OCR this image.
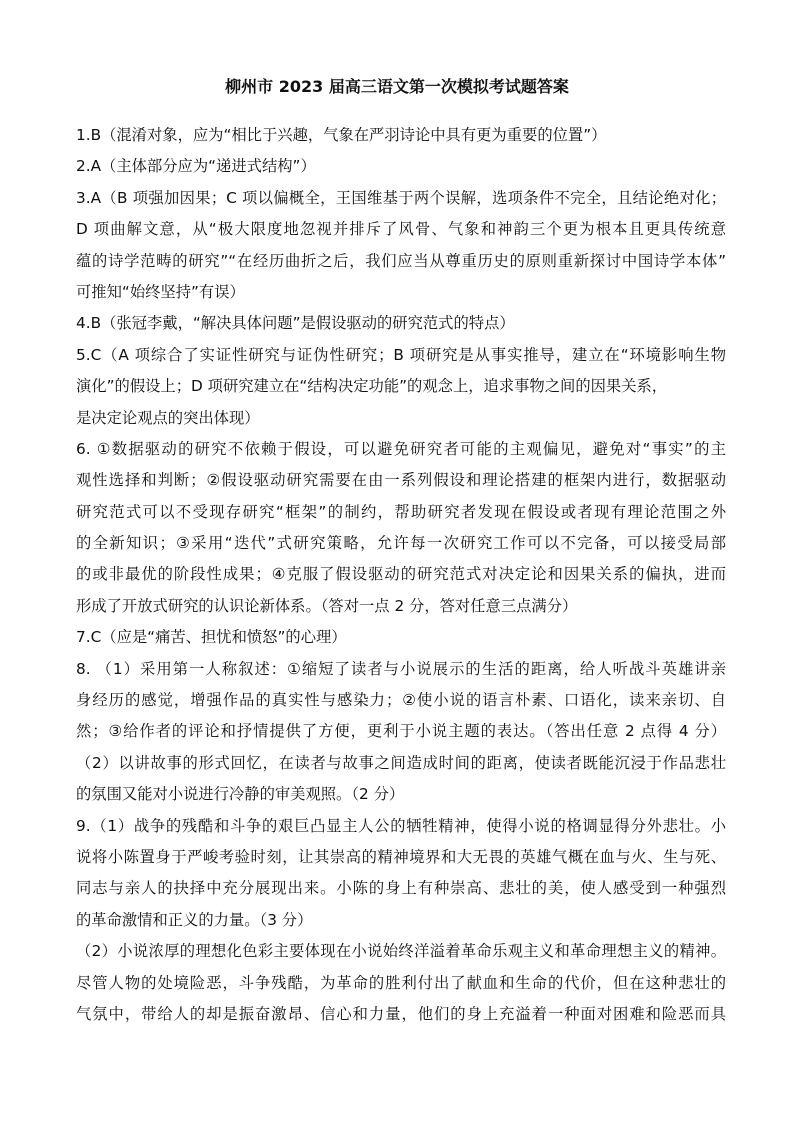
柳州市 2023 届高三语文第一次模拟考试题答案
1.B（混淆对象，应为“相比于兴趣，气象在严羽诗论中具有更为重要的位置”）
2.A（主体部分应为“递进式结构”）
3.A（B 项强加因果；C 项以偏概全，王国维基于两个误解，选项条件不完全，且结论绝对化；
D 项曲解文意，从“极大限度地忽视并排斥了风骨、气象和神韵三个更为根本且更具传统意
蕴的诗学范畴的研究”“在经历曲折之后，我们应当从尊重历史的原则重新探讨中国诗学本体”
可推知“始终坚持”有误）
4.B（张冠李戴，“解决具体问题”是假设驱动的研究范式的特点）
5.C（A 项综合了实证性研究与证伪性研究；B 项研究是从事实推导，建立在“环境影响生物
演化”的假设上；D 项研究建立在“结构决定功能”的观念上，追求事物之间的因果关系，
是决定论观点的突出体现）
6. ①数据驱动的研究不依赖于假设，可以避免研究者可能的主观偏见，避免对“事实”的主
观性选择和判断；②假设驱动研究需要在由一系列假设和理论搭建的框架内进行，数据驱动
研究范式可以不受现存研究“框架”的制约，帮助研究者发现在假设或者现有理论范围之外
的全新知识；③采用“迭代”式研究策略，允许每一次研究工作可以不完备，可以接受局部
的或非最优的阶段性成果；④克服了假设驱动的研究范式对决定论和因果关系的偏执，进而
形成了开放式研究的认识论新体系。（答对一点 2 分，答对任意三点满分）
7.C（应是“痛苦、担忧和愤怒”的心理）
8. （1）采用第一人称叙述：①缩短了读者与小说展示的生活的距离，给人听战斗英雄讲亲
身经历的感觉，增强作品的真实性与感染力；②使小说的语言朴素、口语化，读来亲切、自
然；③给作者的评论和抒情提供了方便，更利于小说主题的表达。（答出任意 2 点得 4 分）
（2）以讲故事的形式回忆，在读者与故事之间造成时间的距离，使读者既能沉浸于作品悲壮
的氛围又能对小说进行冷静的审美观照。（2 分）
9.（1）战争的残酷和斗争的艰巨凸显主人公的牺牲精神，使得小说的格调显得分外悲壮。小
说将小陈置身于严峻考验时刻，让其崇高的精神境界和大无畏的英雄气概在血与火、生与死、
同志与亲人的抉择中充分展现出来。小陈的身上有种崇高、悲壮的美，使人感受到一种强烈
的革命激情和正义的力量。（3 分）
（2）小说浓厚的理想化色彩主要体现在小说始终洋溢着革命乐观主义和革命理想主义的精神。
尽管人物的处境险恶，斗争残酷，为革命的胜利付出了献血和生命的代价，但在这种悲壮的
气氛中，带给人的却是振奋激昂、信心和力量，他们的身上充溢着一种面对困难和险恶而具
